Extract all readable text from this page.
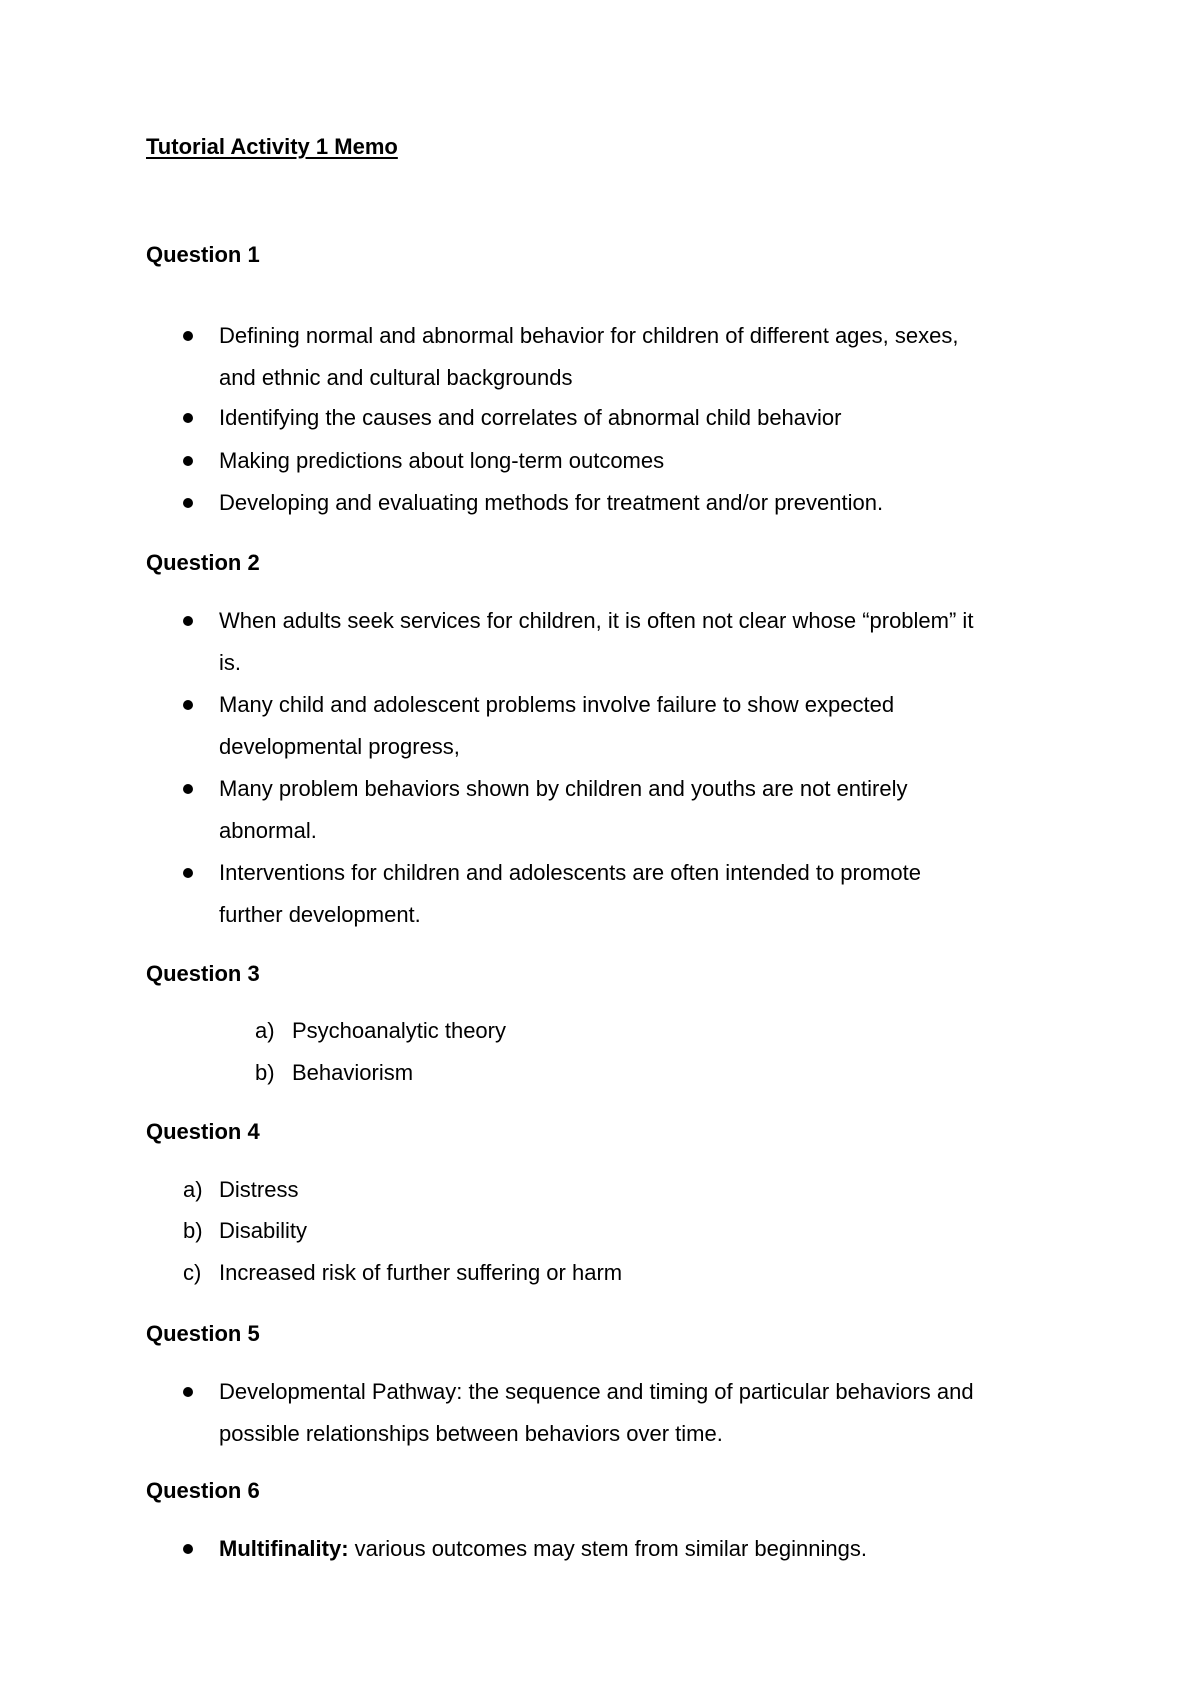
Tutorial Activity 1 Memo
Question 1
Defining normal and abnormal behavior for children of different ages, sexes,
and ethnic and cultural backgrounds
Identifying the causes and correlates of abnormal child behavior
Making predictions about long-term outcomes
Developing and evaluating methods for treatment and/or prevention.
Question 2
When adults seek services for children, it is often not clear whose “problem” it
is.
Many child and adolescent problems involve failure to show expected
developmental progress,
Many problem behaviors shown by children and youths are not entirely
abnormal.
Interventions for children and adolescents are often intended to promote
further development.
Question 3
a) Psychoanalytic theory
b) Behaviorism
Question 4
a) Distress
b) Disability
c) Increased risk of further suffering or harm
Question 5
Developmental Pathway: the sequence and timing of particular behaviors and
possible relationships between behaviors over time.
Question 6
Multifinality: various outcomes may stem from similar beginnings.
